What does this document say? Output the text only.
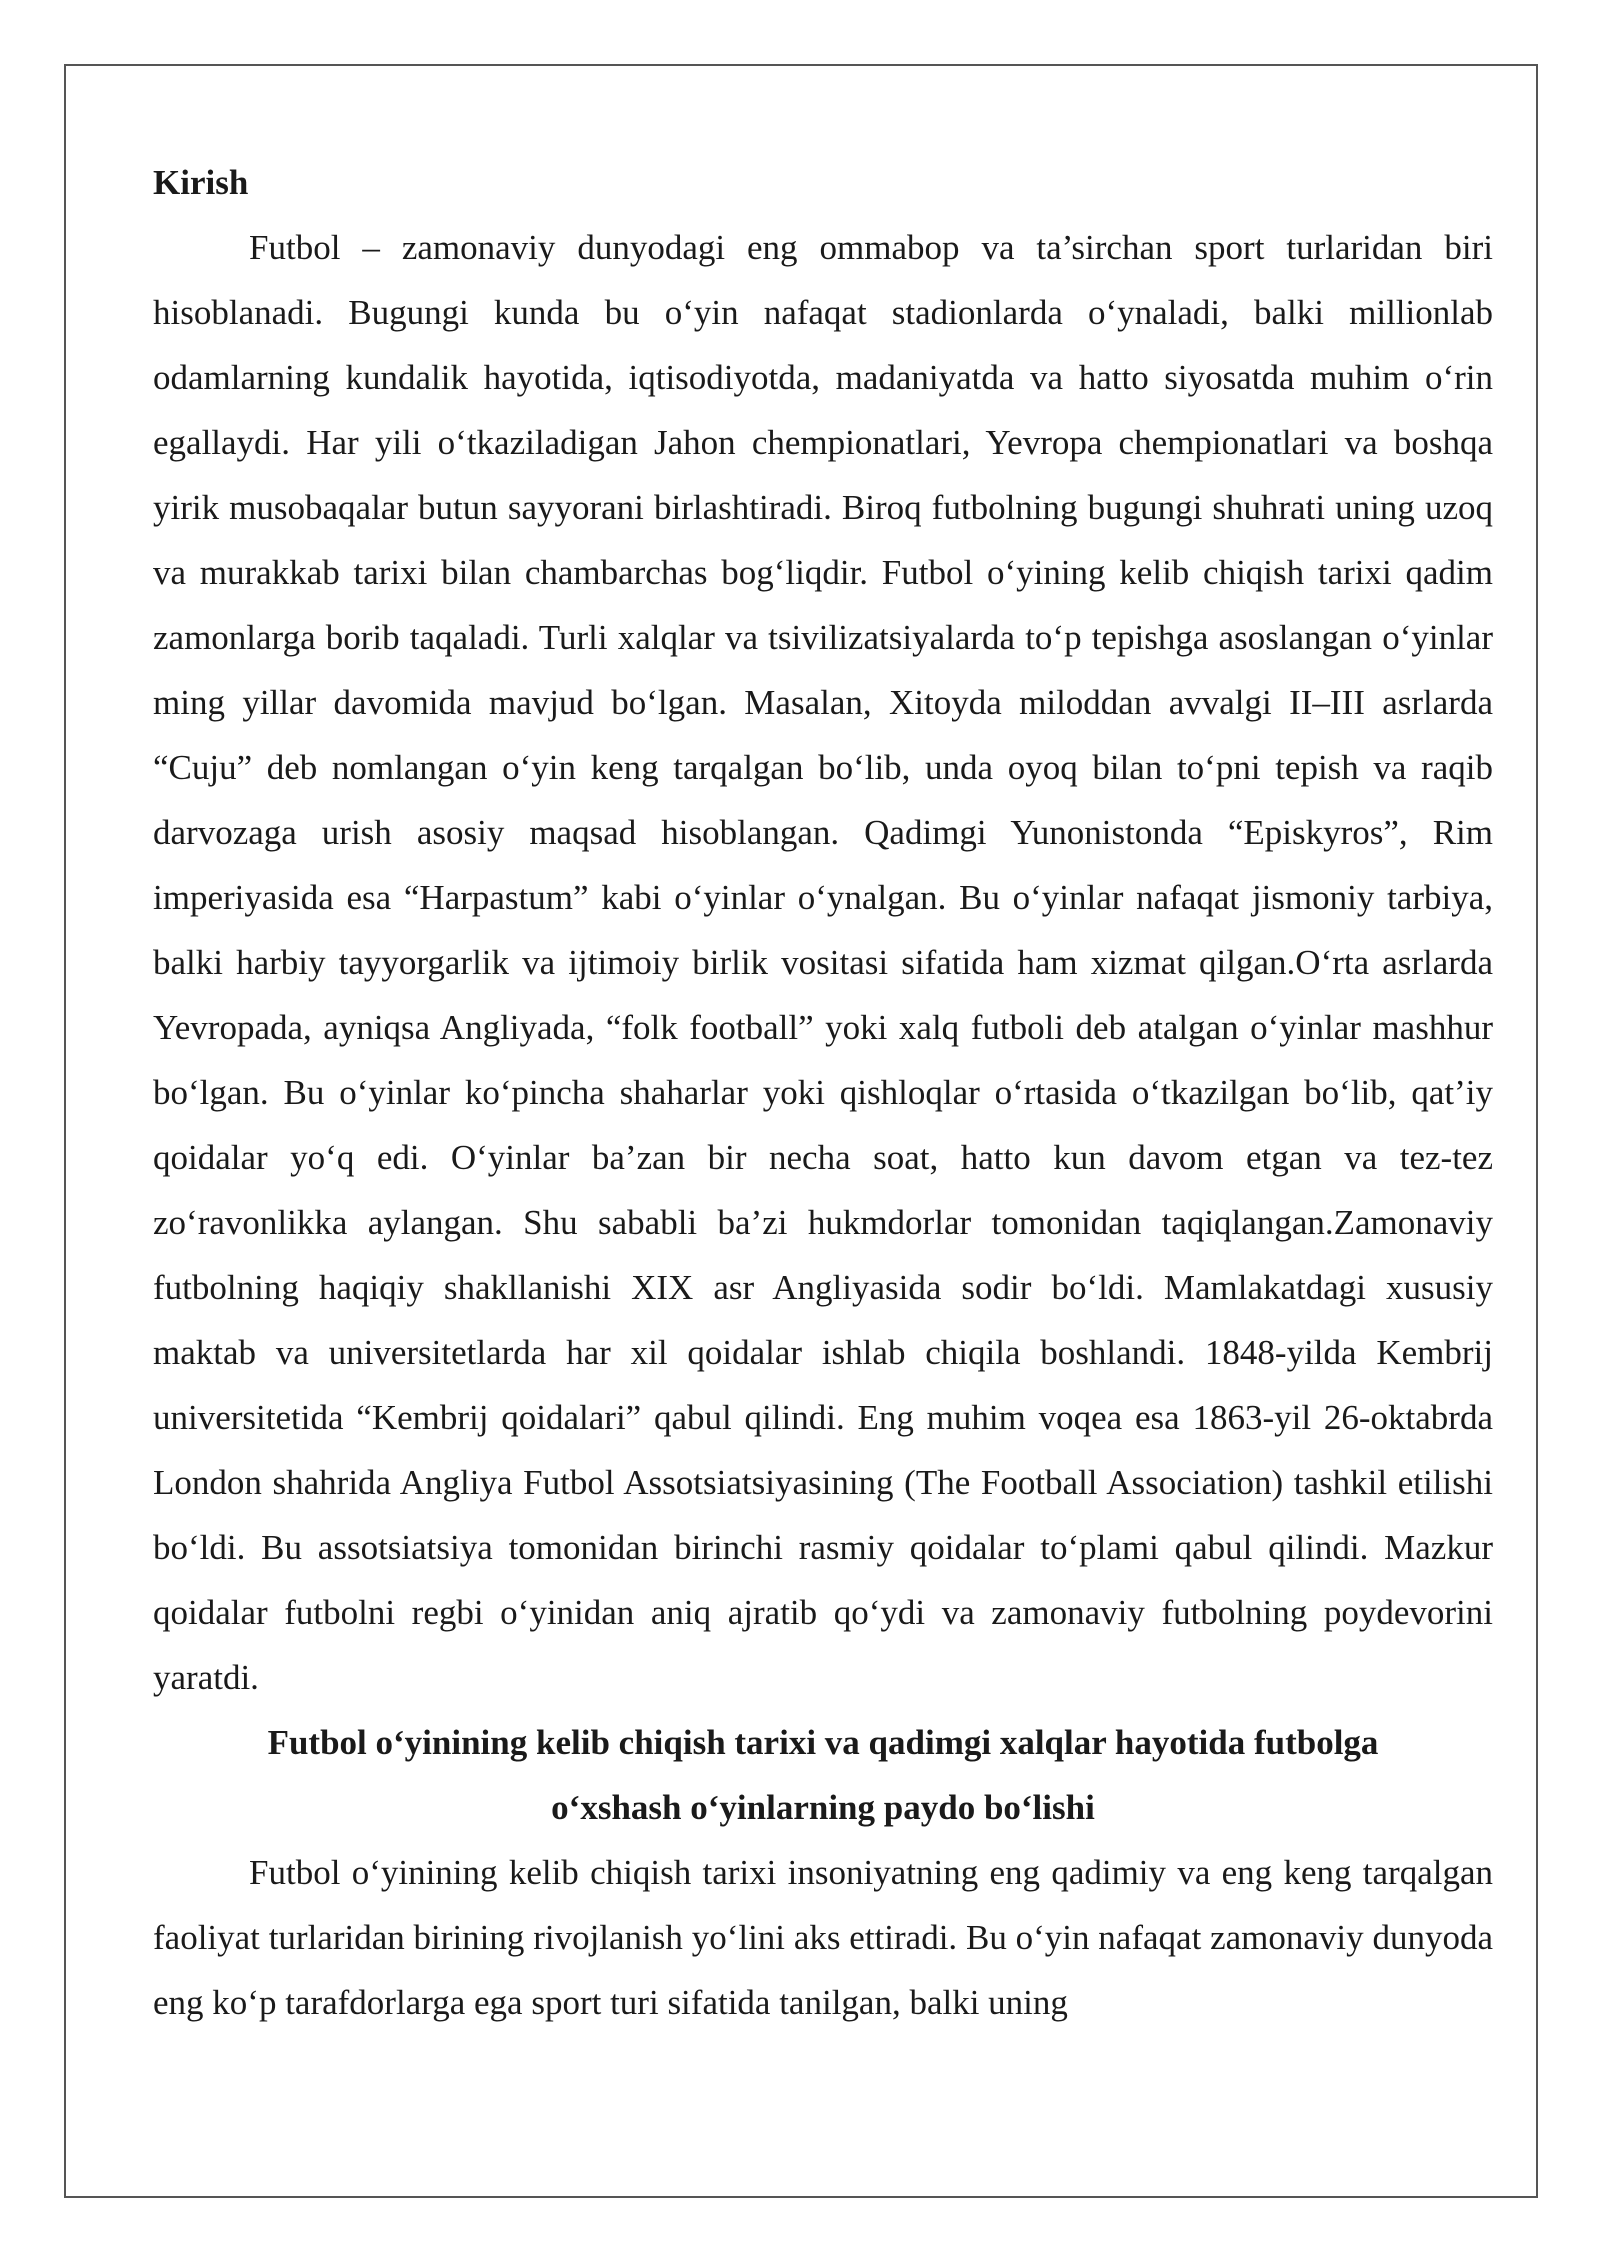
Kirish

Futbol – zamonaviy dunyodagi eng ommabop va ta’sirchan sport turlaridan biri hisoblanadi. Bugungi kunda bu o‘yin nafaqat stadionlarda o‘ynaladi, balki millionlab odamlarning kundalik hayotida, iqtisodiyotda, madaniyatda va hatto siyosatda muhim o‘rin egallaydi. Har yili o‘tkaziladigan Jahon chempionatlari, Yevropa chempionatlari va boshqa yirik musobaqalar butun sayyorani birlashtiradi. Biroq futbolning bugungi shuhrati uning uzoq va murakkab tarixi bilan chambarchas bog‘liqdir. Futbol o‘yining kelib chiqish tarixi qadim zamonlarga borib taqaladi. Turli xalqlar va tsivilizatsiyalarda to‘p tepishga asoslangan o‘yinlar ming yillar davomida mavjud bo‘lgan. Masalan, Xitoyda miloddan avvalgi II–III asrlarda “Cuju” deb nomlangan o‘yin keng tarqalgan bo‘lib, unda oyoq bilan to‘pni tepish va raqib darvozaga urish asosiy maqsad hisoblangan. Qadimgi Yunonistonda “Episkyros”, Rim imperiyasida esa “Harpastum” kabi o‘yinlar o‘ynalgan. Bu o‘yinlar nafaqat jismoniy tarbiya, balki harbiy tayyorgarlik va ijtimoiy birlik vositasi sifatida ham xizmat qilgan.O‘rta asrlarda Yevropada, ayniqsa Angliyada, “folk football” yoki xalq futboli deb atalgan o‘yinlar mashhur bo‘lgan. Bu o‘yinlar ko‘pincha shaharlar yoki qishloqlar o‘rtasida o‘tkazilgan bo‘lib, qat’iy qoidalar yo‘q edi. O‘yinlar ba’zan bir necha soat, hatto kun davom etgan va tez-tez zo‘ravonlikka aylangan. Shu sababli ba’zi hukmdorlar tomonidan taqiqlangan.Zamonaviy futbolning haqiqiy shakllanishi XIX asr Angliyasida sodir bo‘ldi. Mamlakatdagi xususiy maktab va universitetlarda har xil qoidalar ishlab chiqila boshlandi. 1848-yilda Kembrij universitetida “Kembrij qoidalari” qabul qilindi. Eng muhim voqea esa 1863-yil 26-oktabrda London shahrida Angliya Futbol Assotsiatsiyasining (The Football Association) tashkil etilishi bo‘ldi. Bu assotsiatsiya tomonidan birinchi rasmiy qoidalar to‘plami qabul qilindi. Mazkur qoidalar futbolni regbi o‘yinidan aniq ajratib qo‘ydi va zamonaviy futbolning poydevorini yaratdi.

Futbol o‘yinining kelib chiqish tarixi va qadimgi xalqlar hayotida futbolga o‘xshash o‘yinlarning paydo bo‘lishi

Futbol o‘yinining kelib chiqish tarixi insoniyatning eng qadimiy va eng keng tarqalgan faoliyat turlaridan birining rivojlanish yo‘lini aks ettiradi. Bu o‘yin nafaqat zamonaviy dunyoda eng ko‘p tarafdorlarga ega sport turi sifatida tanilgan, balki uning
